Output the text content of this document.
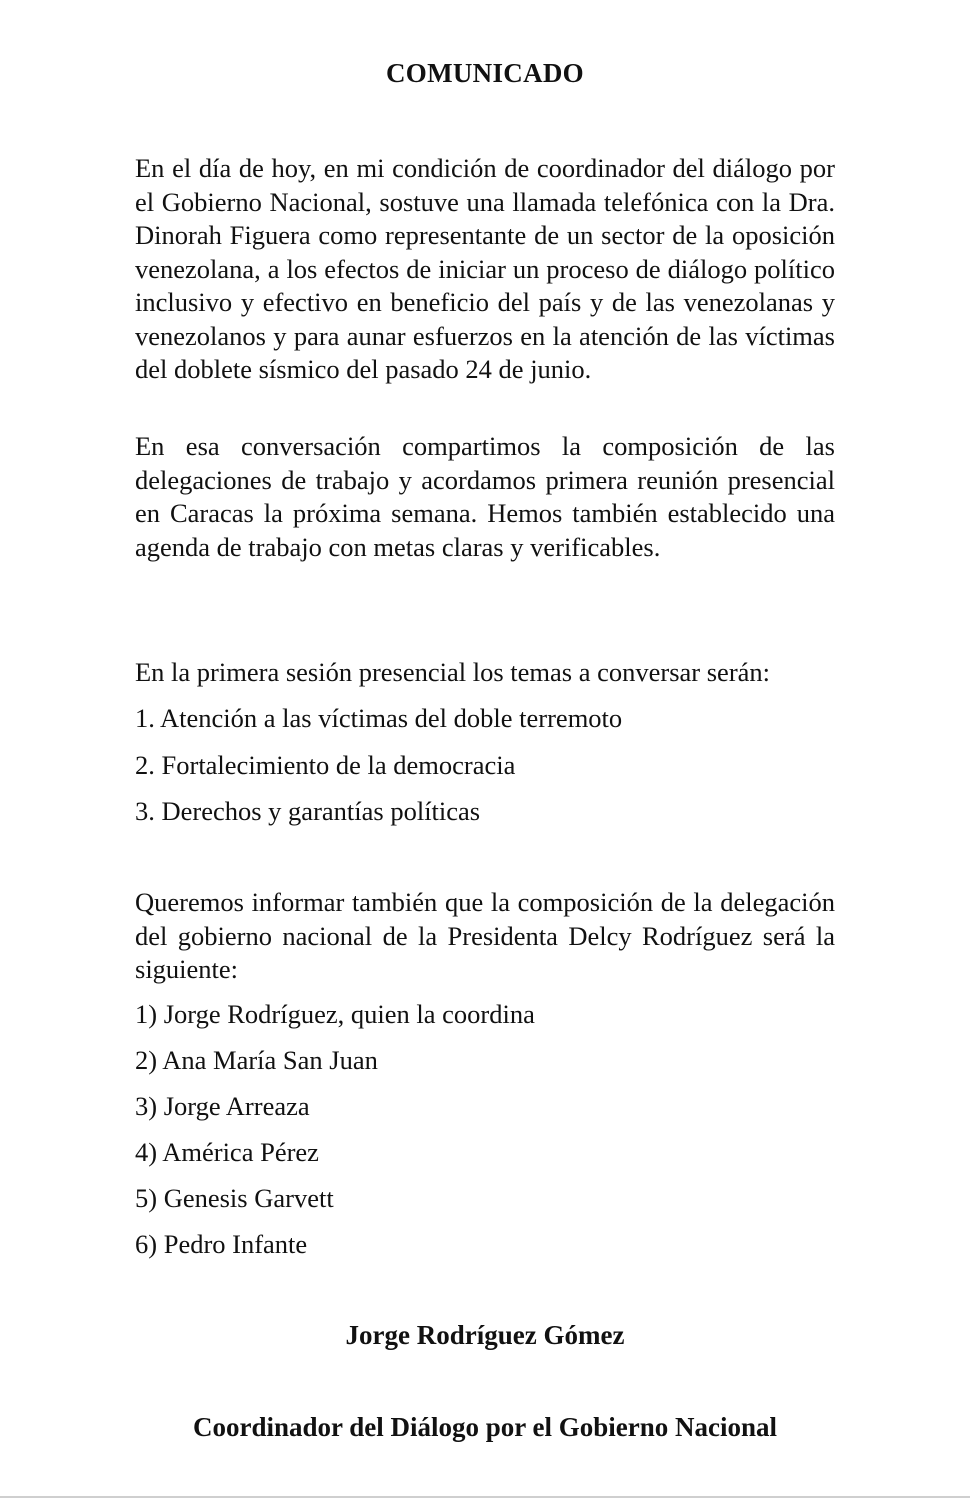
COMUNICADO

En el día de hoy, en mi condición de coordinador del diálogo por el Gobierno Nacional, sostuve una llamada telefónica con la Dra. Dinorah Figuera como representante de un sector de la oposición venezolana, a los efectos de iniciar un proceso de diálogo político inclusivo y efectivo en beneficio del país y de las venezolanas y venezolanos y para aunar esfuerzos en la atención de las víctimas del doblete sísmico del pasado 24 de junio.

En esa conversación compartimos la composición de las delegaciones de trabajo y acordamos primera reunión presencial en Caracas la próxima semana. Hemos también establecido una agenda de trabajo con metas claras y verificables.

En la primera sesión presencial los temas a conversar serán:

1. Atención a las víctimas del doble terremoto
2. Fortalecimiento de la democracia
3. Derechos y garantías políticas

Queremos informar también que la composición de la delegación del gobierno nacional de la Presidenta Delcy Rodríguez será la siguiente:

1) Jorge Rodríguez, quien la coordina
2) Ana María San Juan
3) Jorge Arreaza
4) América Pérez
5) Genesis Garvett
6) Pedro Infante

Jorge Rodríguez Gómez

Coordinador del Diálogo por el Gobierno Nacional
